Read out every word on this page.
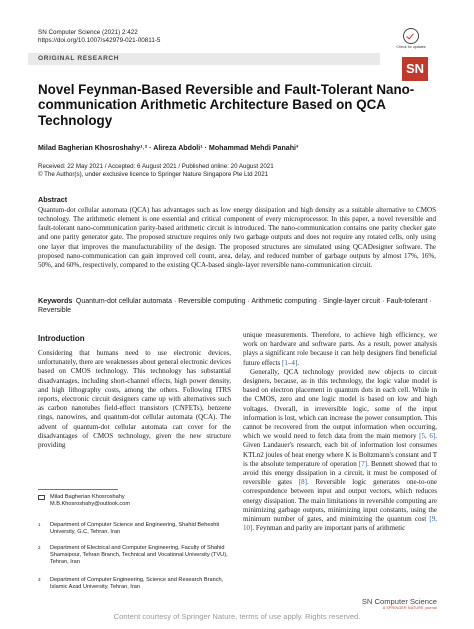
SN Computer Science (2021) 2:422
https://doi.org/10.1007/s42979-021-00811-5
Check for updates
ORIGINAL RESEARCH
SN
Novel Feynman-Based Reversible and Fault-Tolerant Nano-communication Arithmetic Architecture Based on QCA Technology
Milad Bagherian Khosroshahy¹˒² · Alireza Abdoli¹ · Mohammad Mehdi Panahi³
Received: 22 May 2021 / Accepted: 6 August 2021 / Published online: 20 August 2021
© The Author(s), under exclusive licence to Springer Nature Singapore Pte Ltd 2021
Abstract
Quantum-dot cellular automata (QCA) has advantages such as low energy dissipation and high density as a suitable alternative to CMOS technology. The arithmetic element is one essential and critical component of every microprocessor. In this paper, a novel reversible and fault-tolerant nano-communication parity-based arithmetic circuit is introduced. The nano-communication contains one parity checker gate and one parity generator gate. The proposed structure requires only two garbage outputs and does not require any rotated cells, only using one layer that improves the manufacturability of the design. The proposed structures are simulated using QCADesigner software. The proposed nano-communication can gain improved cell count, area, delay, and reduced number of garbage outputs by almost 17%, 16%, 50%, and 60%, respectively, compared to the existing QCA-based single-layer reversible nano-communication circuit.
Keywords Quantum-dot cellular automata · Reversible computing · Arithmetic computing · Single-layer circuit · Fault-tolerant · Reversible
Introduction
Considering that humans need to use electronic devices, unfortunately, there are weaknesses about general electronic devices based on CMOS technology. This technology has substantial disadvantages, including short-channel effects, high power density, and high lithography costs, among the others. Following ITRS reports, electronic circuit designers came up with alternatives such as carbon nanotubes field-effect transistors (CNFETs), benzene rings, nanowires, and quantum-dot cellular automata (QCA). The advent of quantum-dot cellular automata can cover for the disadvantages of CMOS technology, given the new structure providing
unique measurements. Therefore, to achieve high efficiency, we work on hardware and software parts. As a result, power analysis plays a significant role because it can help designers find beneficial future effects [1–4].
 Generally, QCA technology provided new objects to circuit designers, because, as in this technology, the logic value model is based on electron placement in quantum dots in each cell. While in the CMOS, zero and one logic model is based on low and high voltages. Overall, in irreversible logic, some of the input information is lost, which can increase the power consumption. This cannot be recovered from the output information when occurring, which we would need to fetch data from the main memory [5, 6]. Given Landauer's research, each bit of information lost consumes KTLn2 joules of heat energy where K is Boltzmann's constant and T is the absolute temperature of operation [7]. Bennett showed that to avoid this energy dissipation in a circuit, it must be composed of reversible gates [8]. Reversible logic generates one-to-one correspondence between input and output vectors, which reduces energy dissipation. The main limitations in reversible computing are minimizing garbage outputs, minimizing input constants, using the minimum number of gates, and minimizing the quantum cost [9, 10]. Feynman and parity are important parts of arithmetic
Milad Bagherian Khosroshahy
M.B.Khosroshahy@outlook.com
1 Department of Computer Science and Engineering, Shahid Beheshti University, G.C, Tehran, Iran
2 Department of Electrical and Computer Engineering, Faculty of Shahid Shamsipour, Tehran Branch, Technical and Vocational University (TVU), Tehran, Iran
3 Department of Computer Engineering, Science and Research Branch, Islamic Azad University, Tehran, Iran
SN Computer Science
A SPRINGER NATURE journal
Content courtesy of Springer Nature, terms of use apply. Rights reserved.
